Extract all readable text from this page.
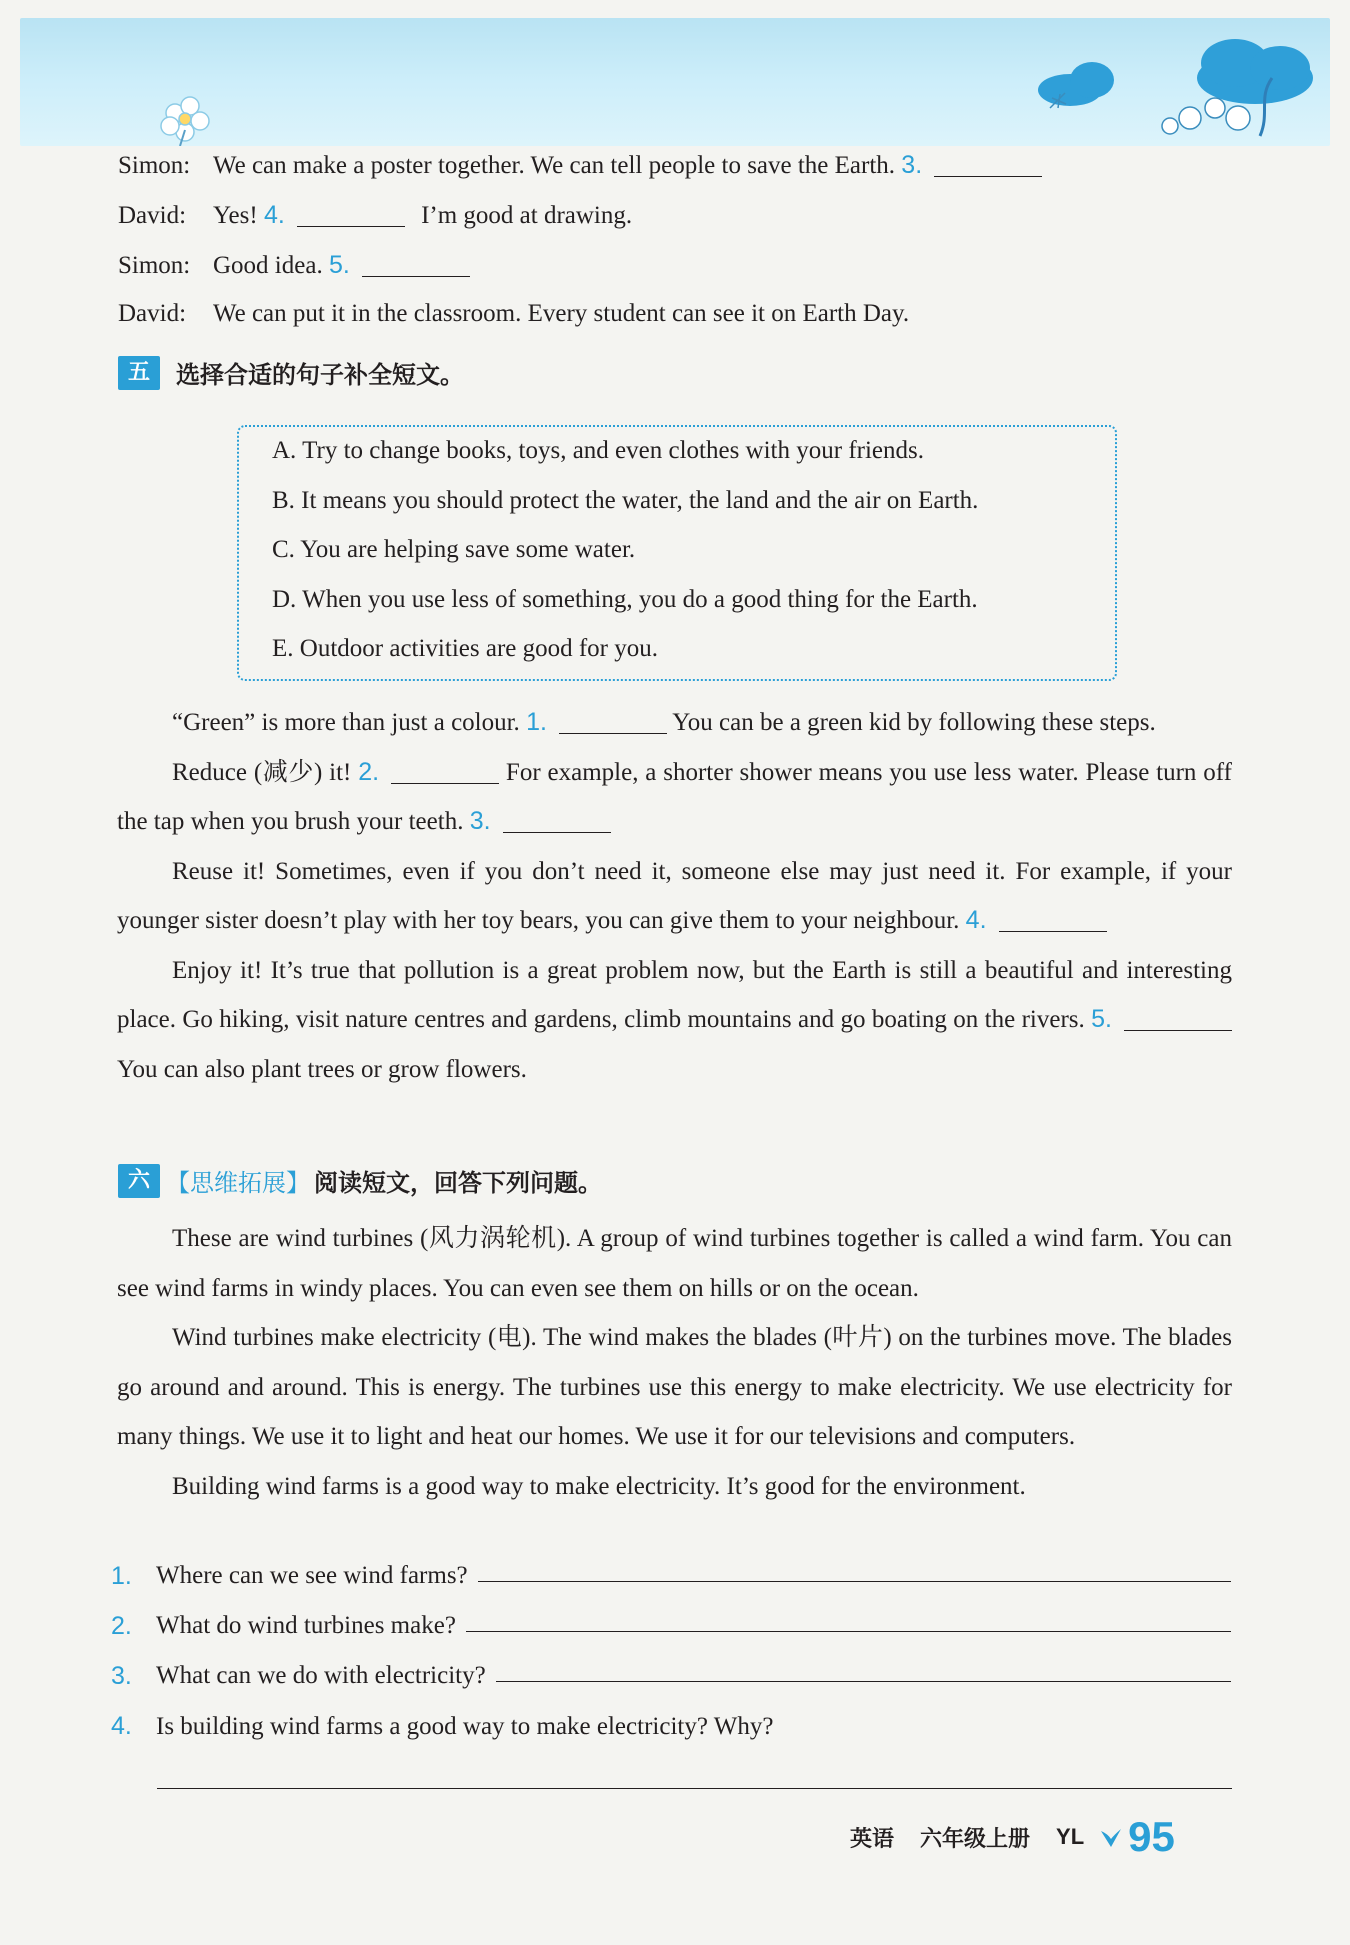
Simon: We can make a poster together. We can tell people to save the Earth. 3.
David: Yes! 4.	I’m good at drawing.
Simon: Good idea. 5.
David: We can put it in the classroom. Every student can see it on Earth Day.
五	选择合适的句子补全短文。
A. Try to change books, toys, and even clothes with your friends.
B. It means you should protect the water, the land and the air on Earth.
C. You are helping save some water.
D. When you use less of something, you do a good thing for the Earth.
E. Outdoor activities are good for you.
“Green” is more than just a colour. 1.	You can be a green kid by following these steps.
Reduce (减少) it! 2.	For example, a shorter shower means you use less water. Please turn off the tap when you brush your teeth. 3.
Reuse it! Sometimes, even if you don’t need it, someone else may just need it. For example, if your younger sister doesn’t play with her toy bears, you can give them to your neighbour. 4.
Enjoy it! It’s true that pollution is a great problem now, but the Earth is still a beautiful and interesting place. Go hiking, visit nature centres and gardens, climb mountains and go boating on the rivers. 5. You can also plant trees or grow flowers.
六 【思维拓展】 阅读短文，回答下列问题。
These are wind turbines (风力涡轮机). A group of wind turbines together is called a wind farm. You can see wind farms in windy places. You can even see them on hills or on the ocean.
Wind turbines make electricity (电). The wind makes the blades (叶片) on the turbines move. The blades go around and around. This is energy. The turbines use this energy to make electricity. We use electricity for many things. We use it to light and heat our homes. We use it for our televisions and computers.
Building wind farms is a good way to make electricity. It’s good for the environment.
1. Where can we see wind farms?
2. What do wind turbines make?
3. What can we do with electricity?
4. Is building wind farms a good way to make electricity? Why?
英语 六年级上册 YL 95
